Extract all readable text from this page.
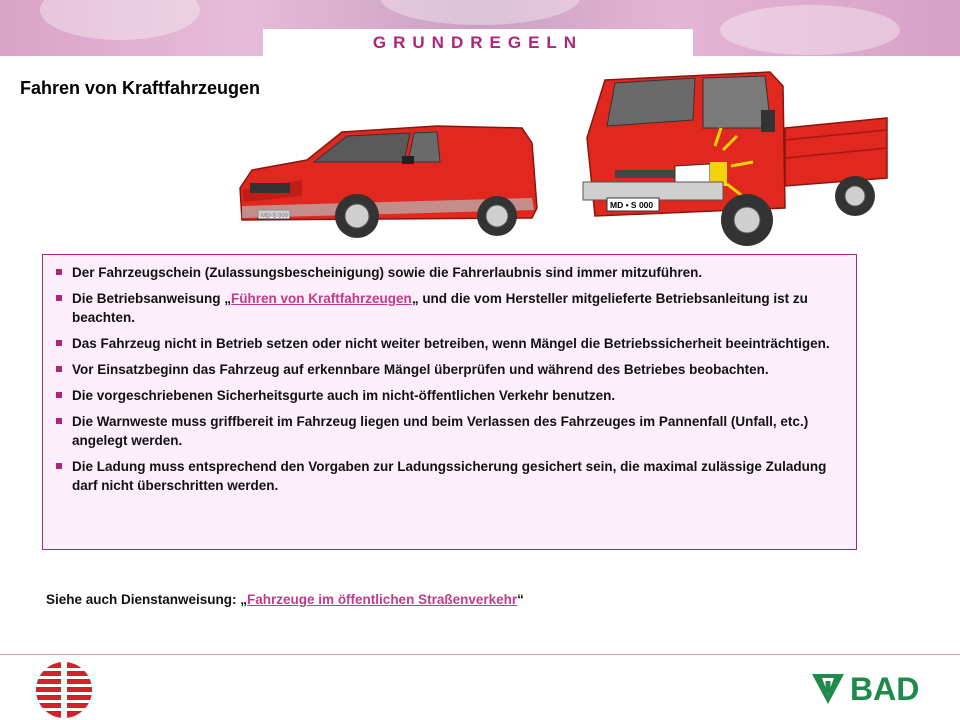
GRUNDREGELN
Fahren von Kraftfahrzeugen
MD • S 000
Der Fahrzeugschein (Zulassungsbescheinigung) sowie die Fahrerlaubnis sind immer mitzuführen.
Die Betriebsanweisung „Führen von Kraftfahrzeugen„ und die vom Hersteller mitgelieferte Betriebsanleitung ist zu beachten.
Das Fahrzeug nicht in Betrieb setzen oder nicht weiter betreiben, wenn Mängel die Betriebssicherheit beeinträchtigen.
Vor Einsatzbeginn das Fahrzeug auf erkennbare Mängel überprüfen und während des Betriebes beobachten.
Die vorgeschriebenen Sicherheitsgurte auch im nicht-öffentlichen Verkehr benutzen.
Die Warnweste muss griffbereit im Fahrzeug liegen und beim Verlassen des Fahrzeuges im Pannenfall (Unfall, etc.) angelegt werden.
Die Ladung muss entsprechend den Vorgaben zur Ladungssicherung gesichert sein, die maximal zulässige Zuladung darf nicht überschritten werden.
Siehe auch Dienstanweisung: „Fahrzeuge im öffentlichen Straßenverkehr“
BAD
